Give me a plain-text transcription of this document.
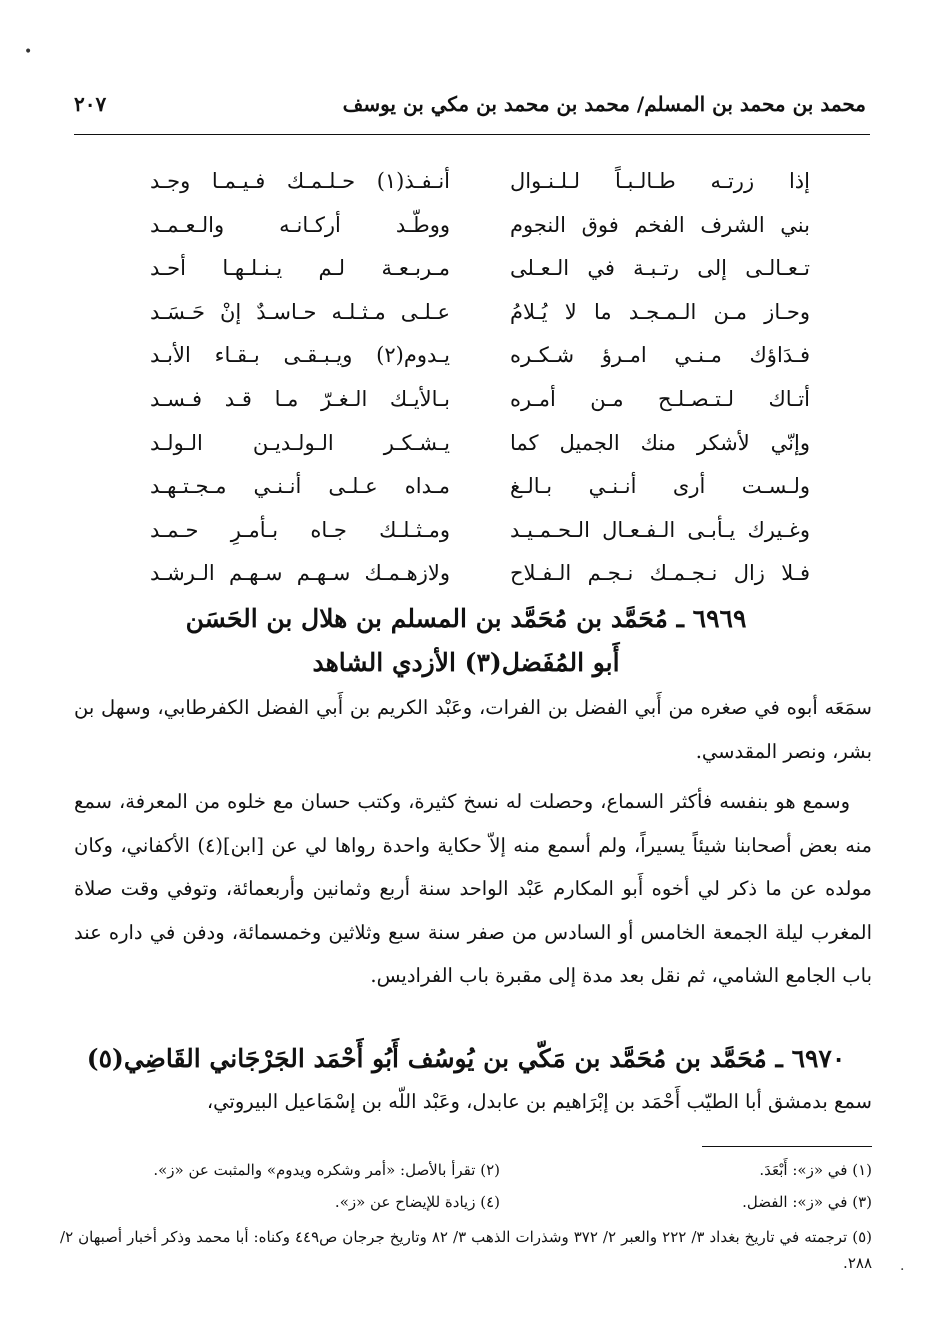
•
·
محمد بن محمد بن المسلم/ محمد بن محمد بن مكي بن يوسف
٢٠٧
إذا زرتـه طـالـبـاً لـلـنـوال
أنـفـذ(١) حـلـمـك فـيـمـا وجـد
بني الشرف الفخم فوق النجوم
ووطّـد أركـانـه والـعـمـد
تـعـالـى إلى رتـبـة في الـعـلى
مـربـعـة لـم يـنـلـهـا أحـد
وحـاز مـن الـمـجـد ما لا يُـلامُ
عـلـى مـثـلـه حـاسـدٌ إنْ حَـسَـد
فـدَاؤك مـنـي امـرؤ شـكـره
يـدوم(٢) ويـبـقـى بـقـاء الأبـد
أتـاك لـتـصـلـح مـن أمـره
بـالأيـك الـغـرّ مـا قـد فـسـد
وإنّي لأشكر منك الجميل كما
يـشـكـر الـولـديـن الـولـد
ولـسـت أرى أنـنـي بـالـغ
مـداه عـلـى أنـنـي مـجـتـهـد
وغـيرك يـأبـى الـفـعـال الـحـمـيـد
ومـثـلـك جـاه بـأمـرِ حـمـد
فـلا زال نـجـمـك نـجـم الـفـلاح
ولازهـمـك سـهـم سـهـم الـرشـد
٦٩٦٩ ـ مُحَمَّد بن مُحَمَّد بن المسلم بن هلال بن الحَسَن
أَبو المُفَضل(٣) الأزدي الشاهد
سمَعَه أبوه في صغره من أَبي الفضل بن الفرات، وعَبْد الكريم بن أَبي الفضل الكفرطابي، وسهل بن بشر، ونصر المقدسي.
وسمع هو بنفسه فأكثر السماع، وحصلت له نسخ كثيرة، وكتب حسان مع خلوه من المعرفة، سمع منه بعض أصحابنا شيئاً يسيراً، ولم أسمع منه إلاّ حكاية واحدة رواها لي عن [ابن](٤) الأكفاني، وكان مولده عن ما ذكر لي أخوه أَبو المكارم عَبْد الواحد سنة أربع وثمانين وأربعمائة، وتوفي وقت صلاة المغرب ليلة الجمعة الخامس أو السادس من صفر سنة سبع وثلاثين وخمسمائة، ودفن في داره عند باب الجامع الشامي، ثم نقل بعد مدة إلى مقبرة باب الفراديس.
٦٩٧٠ ـ مُحَمَّد بن مُحَمَّد بن مَكّي بن يُوسُف أَبُو أَحْمَد الجَرْجَاني القَاضِي(٥)
سمع بدمشق أبا الطيّب أَحْمَد بن إبْرَاهيم بن عابدل، وعَبْد اللّه بن إسْمَاعيل البيروتي،
(١) في «ز»: أَبْعَدَ.
(٢) تقرأ بالأصل: «أمر وشكره ويدوم» والمثبت عن «ز».
(٣) في «ز»: الفضل.
(٤) زيادة للإيضاح عن «ز».
(٥) ترجمته في تاريخ بغداد ٣/ ٢٢٢ والعبر ٢/ ٣٧٢ وشذرات الذهب ٣/ ٨٢ وتاريخ جرجان ص٤٤٩ وكناه: أبا محمد وذكر أخبار أصبهان ٢/ ٢٨٨.
